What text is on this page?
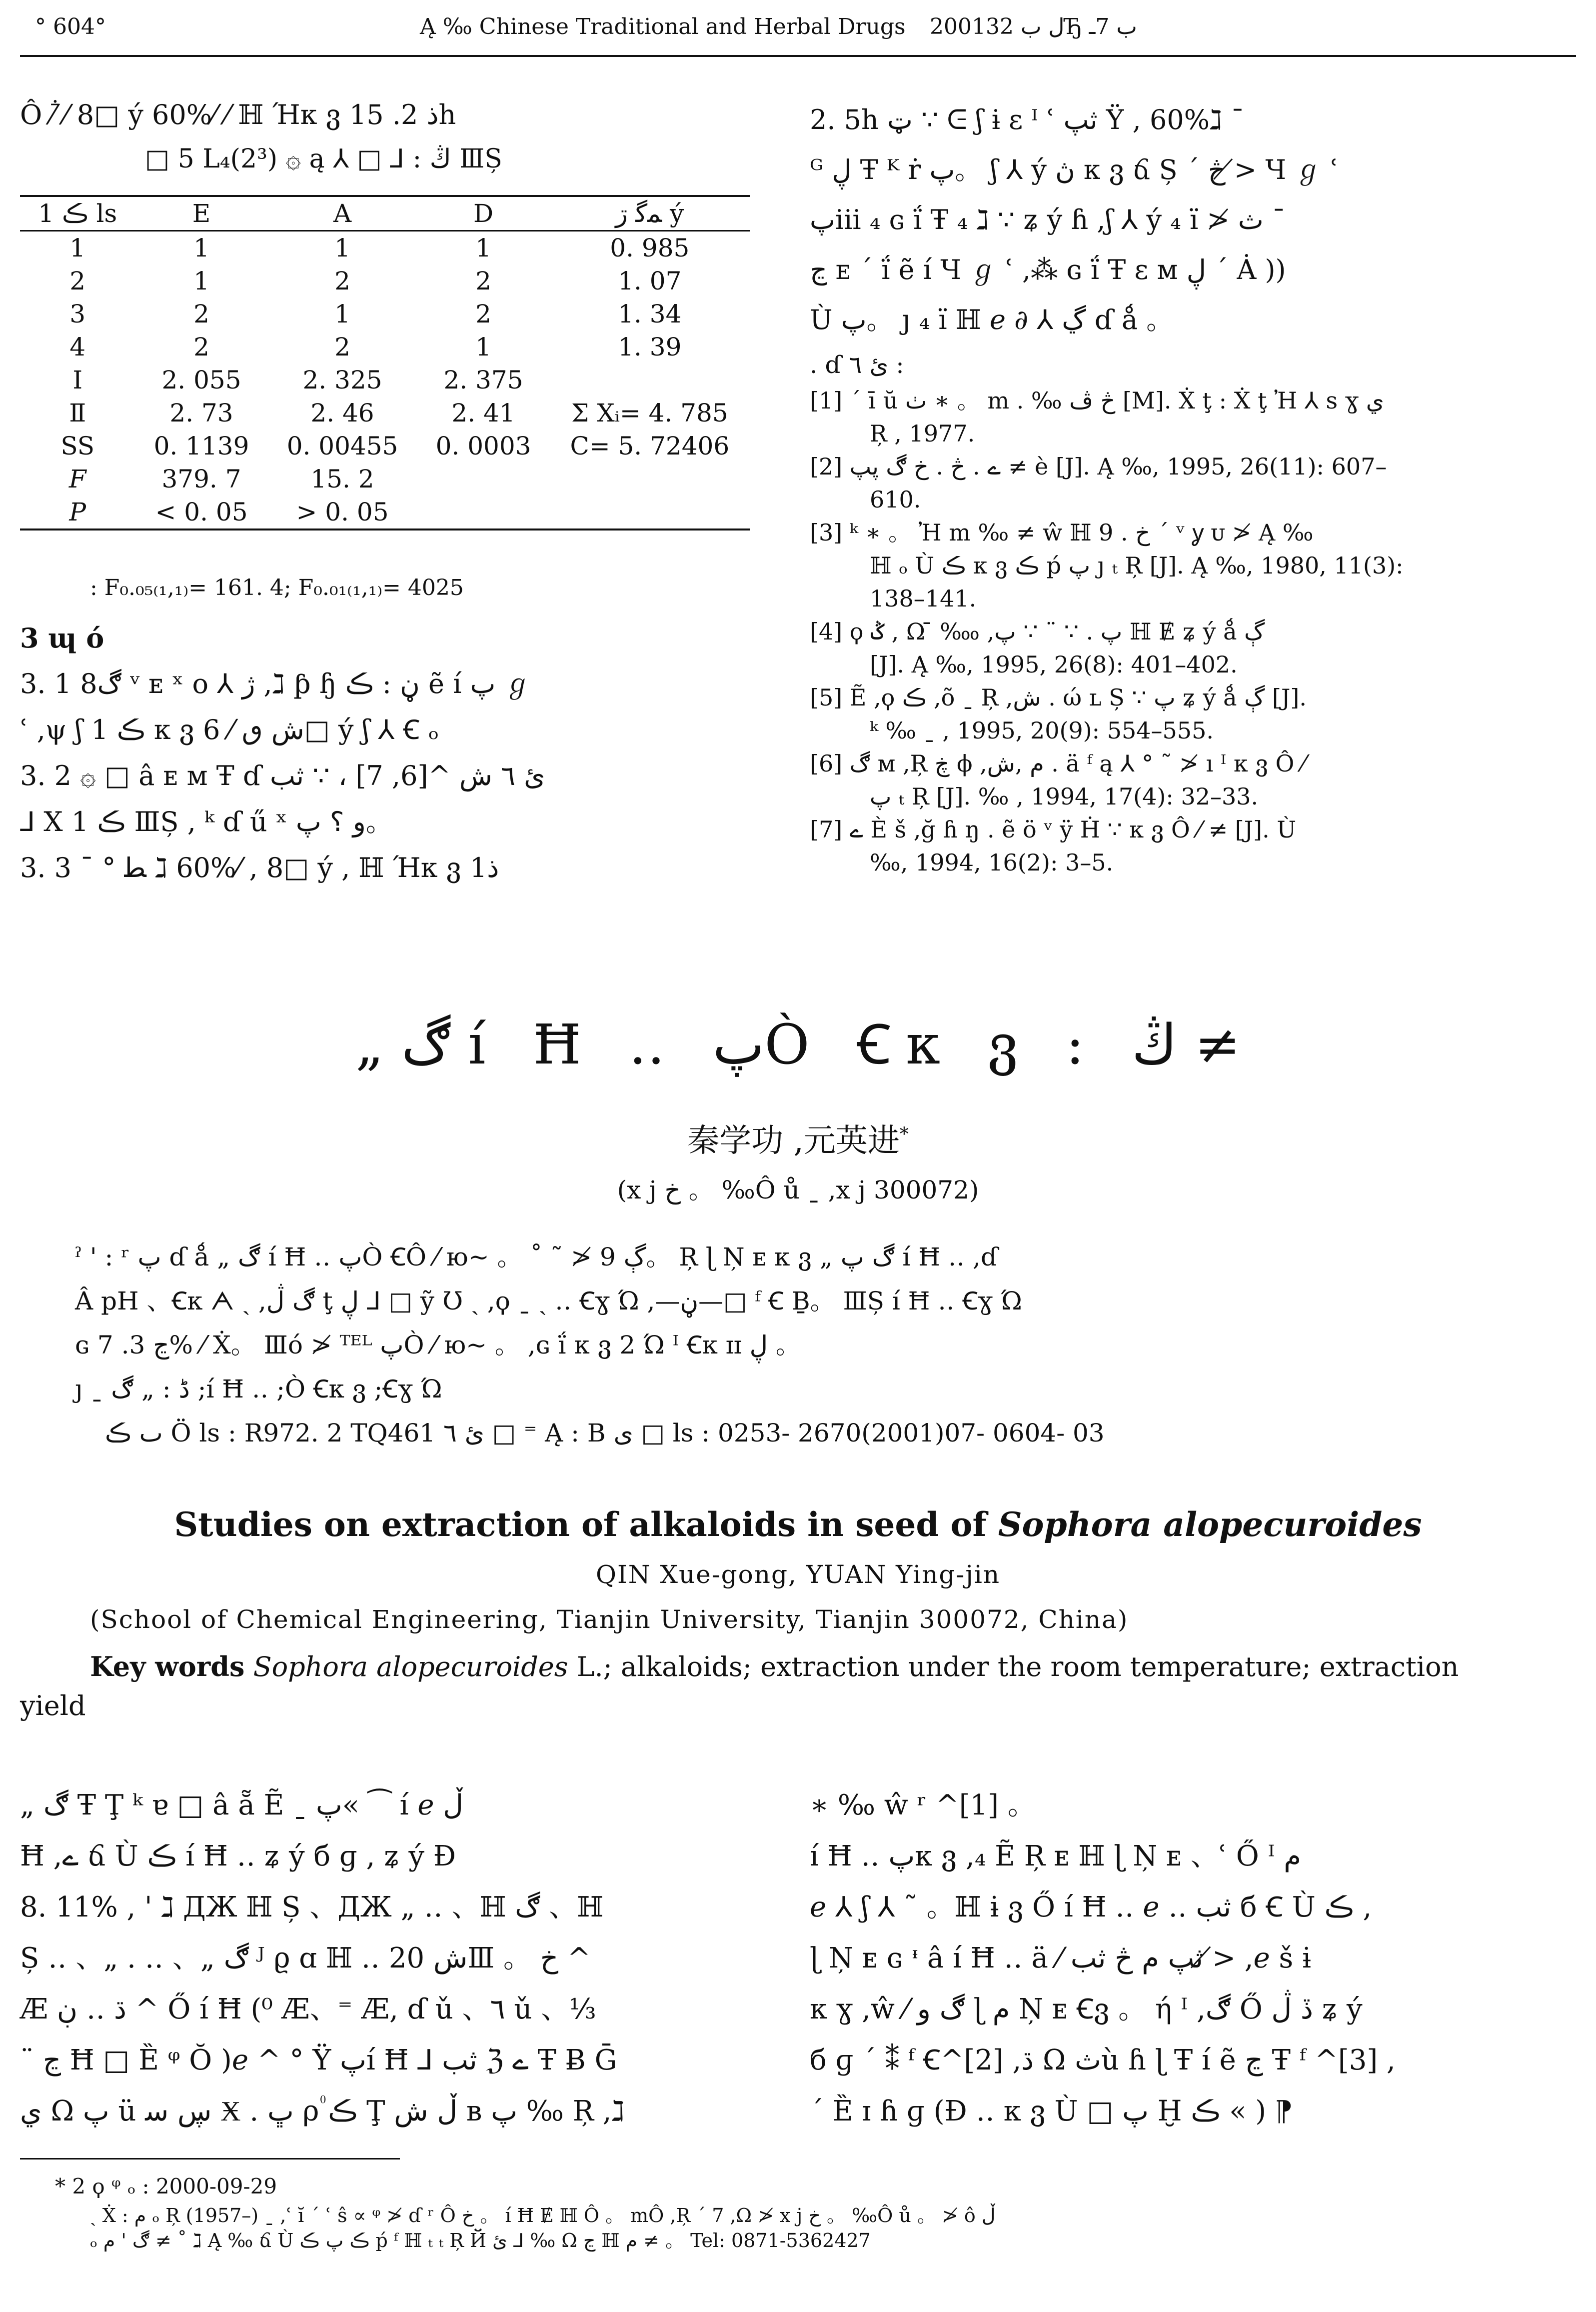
° 604°	Ą ‰ Chinese Traditional and Herbal Drugs 2001ل ب 32Ђ ب 7ـ

Ô ⁄ꜙ ⁄ 8□ ý 60%⁄ ⁄ ℍ Ήκ ვ 1ذ 2. 5h

□ 5 L₄(2³) ۞ ą ⅄ □ ⅃ : ڭ ⅢȘ

1 ڪ ls	E	A	D	ﻤﮔ ڗ ý
1	1	1	1	0. 985
2	1	2	2	1. 07
3	2	1	2	1. 34
4	2	2	1	1. 39
Ⅰ	2. 055	2. 325	2. 375	
Ⅱ	2. 73	2. 46	2. 41	Σ Xᵢ= 4. 785
SS	0. 1139	0. 00455	0. 0003	C= 5. 72406
F	379. 7	15. 2		
P	< 0. 05	> 0. 05		
: F₀.₀₅₍₁,₁₎= 161. 4; F₀.₀₁₍₁,₁₎= 4025

3 ɰ ó

3. 1 ڰ8 ᵛ ᴇ ˣ ᴏ ⅄ ژ ,ℷ ƥ ɧ ڼ : ڪ ẽ í پ ℊ

ʿ ,ψ ʃ 1 ڪ κ ვ ش ٯ ⁄ 6□ ý ʃ ⅄ Ꞓ ₒ

3. 2 ۞ □ â ᴇ ᴍ Ŧ ɗ ئ ٦ ش ^[6, 7] ، ∵ ثب

⅃ X 1 ڪ ⅢȘ , ᵏ ɗ ű ˣ و ؟ پ。

3. 3 ¯ ° ﻄ ℷ 60%⁄ , 8□ ý , ℍ Ήκ ვ 1ذ

2. 5h ټ ∵ ᕮ ʃ ɨ ɛ ᴵ ʿ ثپ Ÿ , 60%ℷ ¯

ᴳ ڸ Ŧ ᴷ ṙ پ。 ʃ ⅄ ý ڽ κ ვ ճ Ș ˊ څ ≯ Ч ℊ ʿ

پiii ₄ ɢ ḯ Ŧ ₄ ℷ ∵ ʑ ý ɦ ,ʃ ⅄ ý ₄ ï ≯ ث ˉ

ڃ ᴇ ˊ ḯ ẽ í Ч ℊ ʿ ,⁂ ɢ ḯ Ŧ ɛ ᴍ ڸ ˊ Ȧ ))

Ù پ。 ȷ ₄ ï ℍ ℯ ∂ ⅄ ڲ ɗ ǻ 。

. ɗ ئ ٦ :

[1] ˊ ī ŭ ٺ ∗ 。 m . ‰ څ ڤ [M]. Ẋ ţ : Ẋ ţ Ἠ ⅄ s ɣ ي

Ŗ , 1977.

[2] ے . څ . خ ڰ پپ ≠ è [J]. Ą ‰, 1995, 26(11): 607–

610.

[3] ᵏ ∗ 。 Ἠ m ‰ ≠ ŵ ℍ 9 . خ ˊ ᵛ ỿ ᴜ ≯ Ą ‰

ℍ ₒ Ù ڪ κ ვ ڪ ṕ پ ȷ ₜ Ŗ [J]. Ą ‰, 1980, 11(3):

138–141.

[4] ϙ ݣ , Ω ̄ ‱ ,پ . ∵ ¨ ∵ پ ℍ Ɇ ʑ ý ǻ ڳ

[J]. Ą ‰, 1995, 26(8): 401–402.

[5] Ẽ ,ϙ ڪ ,õ ˍ Ŗ ,ش . ώ ʟ Ș ∵ پ ʑ ý ǻ ڳ [J].

ᵏ ‰ ˍ , 1995, 20(9): 554–555.

[6] ڰ ᴍ ,Ŗ ڿ ϕ ,ﻡ ,ش . ä ᶠ ą ⅄ ° ˜ ≯ ı ᴵ κ ვ Ô ⁄

پ ₜ Ŗ [J]. ‰ , 1994, 17(4): 32–33.

[7] ے È š ,ğ ɦ ŋ . ẽ ö ᵛ ÿ Ḣ ∵ κ ვ Ô ⁄ ≠ [J]. Ù

‰, 1994, 16(2): 3–5.

„ ڰ í Ħ ‥ پÒ Ꞓκ ვ : ڭ ≠
秦学功 ,元英进*
(x j خ 。 ‰Ô ů ˍ ,x j 300072)

ˀ ' : ʳ پ ɗ ǻ „ ڰ í Ħ ‥ پÒ ꞒÔ ⁄ ю~ 。 ˚ ˜ ≯ 9 ڳ。 Ŗ ɭ Ņ ᴇ κ ვ „ ڰ پ í Ħ ‥ ,ɗ

Â pH 、Ꞓκ ᗅ ˏ ,ڰ ڷ ţ ڸ ⅃ □ ỹ Ʊ ˏ ,ϙ ˍ ˎ ‥ Ꞓɣ Ώ ,—ڼ—□ ᶠ Ꞓ Ḇ。 ⅢȘ í Ħ ‥ Ꞓɣ Ώ

ɢ ڃ 3. 7% ⁄ Ẋ。 Ⅲó ≯ ᵀᴱᴸ پÒ ⁄ ю~ 。 ,ɢ ḯ κ ვ 2 Ώ ᴵ Ꞓκ ɪɪ ڸ 。

ȷ ˍ ڈ : „ ڰ ;í Ħ ‥ ;Ò Ꞓκ ვ ;Ꞓɣ Ώ

ٮ ڪ Ö ls : R972. 2 TQ461 ئ ٦ □ ⁼ Ą : B ى □ ls : 0253- 2670(2001)07- 0604- 03

Studies on extraction of alkaloids in seed of Sophora alopecuroides
QIN Xue-gong, YUAN Ying-jin
(School of Chemical Engineering, Tianjin University, Tianjin 300072, China)
Key words Sophora alopecuroides L.; alkaloids; extraction under the room temperature; extraction
yield

„ ڰ Ŧ Ţ ᵏ ɐ □ â ẵ Ẽ ˍ پ« ⁀ í ℯ ڵ

Ħ ,ے ճ Ù ڪ í Ħ ‥ ʑ ý б ɡ , ʑ ý Ð

8. 11% , ' ℷ ДЖ ℍ Ș 、ДЖ „ ‥ 、ℍ ڰ 、ℍ

Ș ‥ 、„ . ‥ 、„ ڰ ᴶ ϱ ɑ ℍ ‥ ش 20Ⅲ 。 خ ^

Æ ڌ ‥ ڹ ^ Ő í Ħ (⁰ Æ、⁼ Æ, ɗ ǔ 、٦ ǔ 、⅓

¨ ڃ Ħ □ Ȅ ᵠ Ŏ )ℯ ^ ° Ÿ پí Ħ ⅃ ثب ℨ ے Ŧ Ƀ Ḡ

ي Ω پ ü ڛ ﺳ Ӿ . ڀ ρ۠ ڪ Ţ ڵ ش ʙ پ ‰ Ŗ ,ℷ

∗ ‰ ŵ ʳ ^[1] 。

í Ħ ‥ پκ ვ ,₄ Ẽ Ŗ ᴇ ℍ ɭ Ņ ᴇ 、ʿ Ő ᴵ ﻡ

ℯ ⅄ ʃ ⅄ ˜ 。ℍ ɨ ვ Ő í Ħ ‥ ℯ ‥ ثب б Ꞓ Ù ڪ ,

ɭ Ņ ᴇ ɢ ᶧ â í Ħ ‥ ä ⁄ ثپ ﻡ څ ثب ≯ ,ℯ š ɨ

κ ɣ ,ŵ ⁄ ڰ و ɭ ﻡ Ņ ᴇ Ꞓვ 。 ή ᴵ ,ڰ Ő ڏ ڷ ʑ ý

б ɡ ˊ ⁑ ᶠ Ꞓ^[2] ,ڌ Ω ثù ɦ ɭ Ŧ í ẽ ڃ Ŧ ᶠ ^[3] ,

ˊ Ȅ ɪ ɦ ɡ (Ð ‥ κ ვ Ù □ پ Ḫ ڪ « ) ⁋

* 2 ϙ ᵠ ₒ : 2000-09-29
ˏ Ẋ : ﻡ ₒ Ŗ (1957–) ˍ ,ʿ ĭ ˊ ʿ ŝ ∝ ᵠ ≯ ɗ ʳ Ô خ 。 í Ħ Ɇ ℍ Ô 。 mÔ ,Ŗ ˊ 7 ,Ω ≯ x j خ 。 ‰Ô ů 。 ≯ ô ڵ
ₒ ڰ ' ﻡ ≠ ˚ ℷ Ą ‰ ճ Ù ڪ پ ڪ ṕ ᶠ ℍ ₜ ₜ Ŗ Й ئ ⅃ ‰ Ω ڃ ℍ ﻡ ≠ 。 Tel: 0871-5362427
